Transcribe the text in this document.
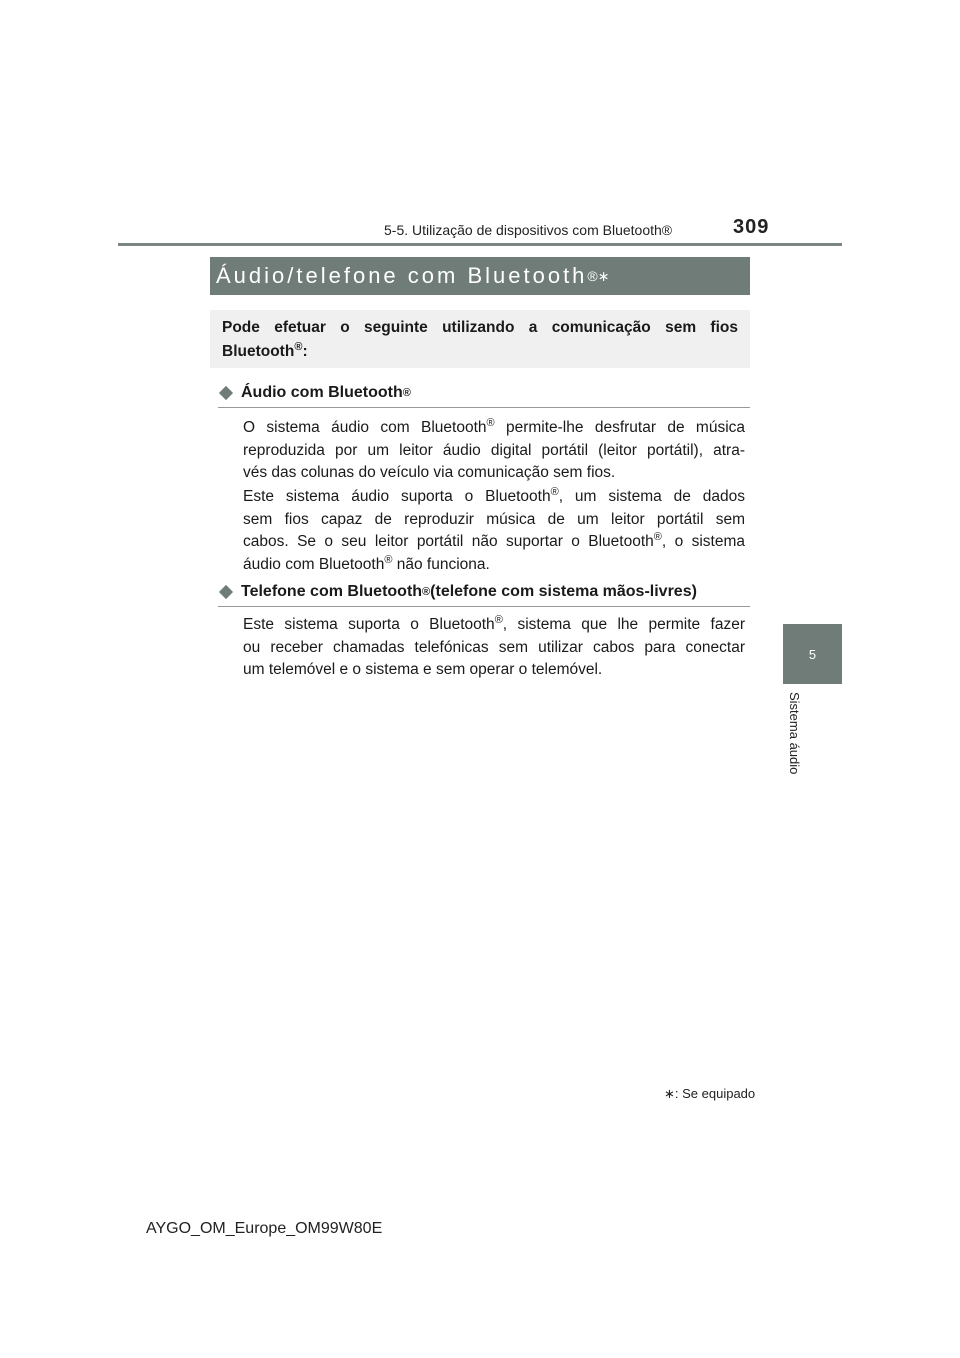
5-5. Utilização de dispositivos com Bluetooth®	309
5
Sistema áudio
Áudio/telefone com Bluetooth ® ∗
Pode efetuar o seguinte utilizando a comunicação sem fios
Bluetooth®:
Áudio com Bluetooth ®
O sistema áudio com Bluetooth® permite-lhe desfrutar de música
reproduzida por um leitor áudio digital portátil (leitor portátil), atra-
vés das colunas do veículo via comunicação sem fios.
Este sistema áudio suporta o Bluetooth®, um sistema de dados
sem fios capaz de reproduzir música de um leitor portátil sem
cabos. Se o seu leitor portátil não suportar o Bluetooth®, o sistema
áudio com Bluetooth® não funciona.
Telefone com Bluetooth ® (telefone com sistema mãos-livres)
Este sistema suporta o Bluetooth®, sistema que lhe permite fazer
ou receber chamadas telefónicas sem utilizar cabos para conectar
um telemóvel e o sistema e sem operar o telemóvel.
∗: Se equipado
AYGO_OM_Europe_OM99W80E
